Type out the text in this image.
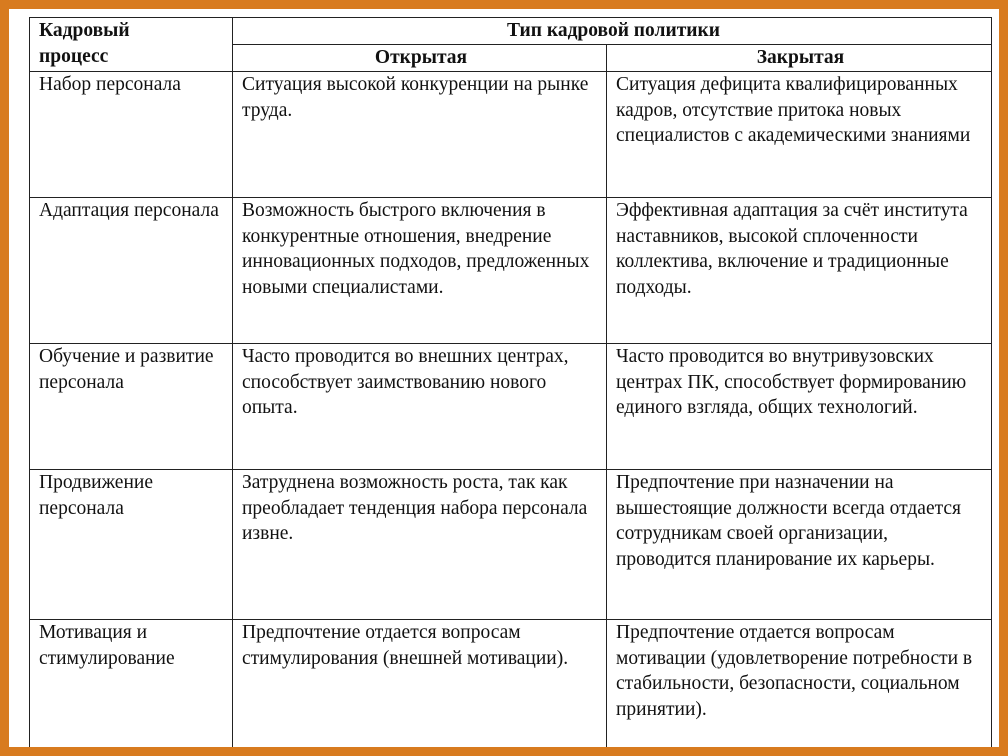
Кадровый
процесс	Тип кадровой политики	
	Открытая	Закрытая
Набор персонала	Ситуация высокой конкуренции на рынке труда.	Ситуация дефицита квалифицированных кадров, отсутствие притока новых специалистов с академическими знаниями

Адаптация персонала	Возможность быстрого включения в конкурентные отношения, внедрение инновационных подходов, предложенных новыми специалистами.	Эффективная адаптация за счёт института наставников, высокой сплоченности коллектива, включение и традиционные подходы.
Обучение и развитие персонала	Часто проводится во внешних центрах, способствует заимствованию нового опыта.	Часто проводится во внутривузовских центрах ПК, способствует формированию единого взгляда, общих технологий.
Продвижение персонала	Затруднена возможность роста, так как преобладает тенденция набора персонала извне.	Предпочтение при назначении на вышестоящие должности всегда отдается сотрудникам своей организации, проводится планирование их карьеры.
Мотивация и стимулирование	Предпочтение отдается вопросам стимулирования (внешней мотивации).	Предпочтение отдается вопросам мотивации (удовлетворение потребности в стабильности, безопасности, социальном принятии).
